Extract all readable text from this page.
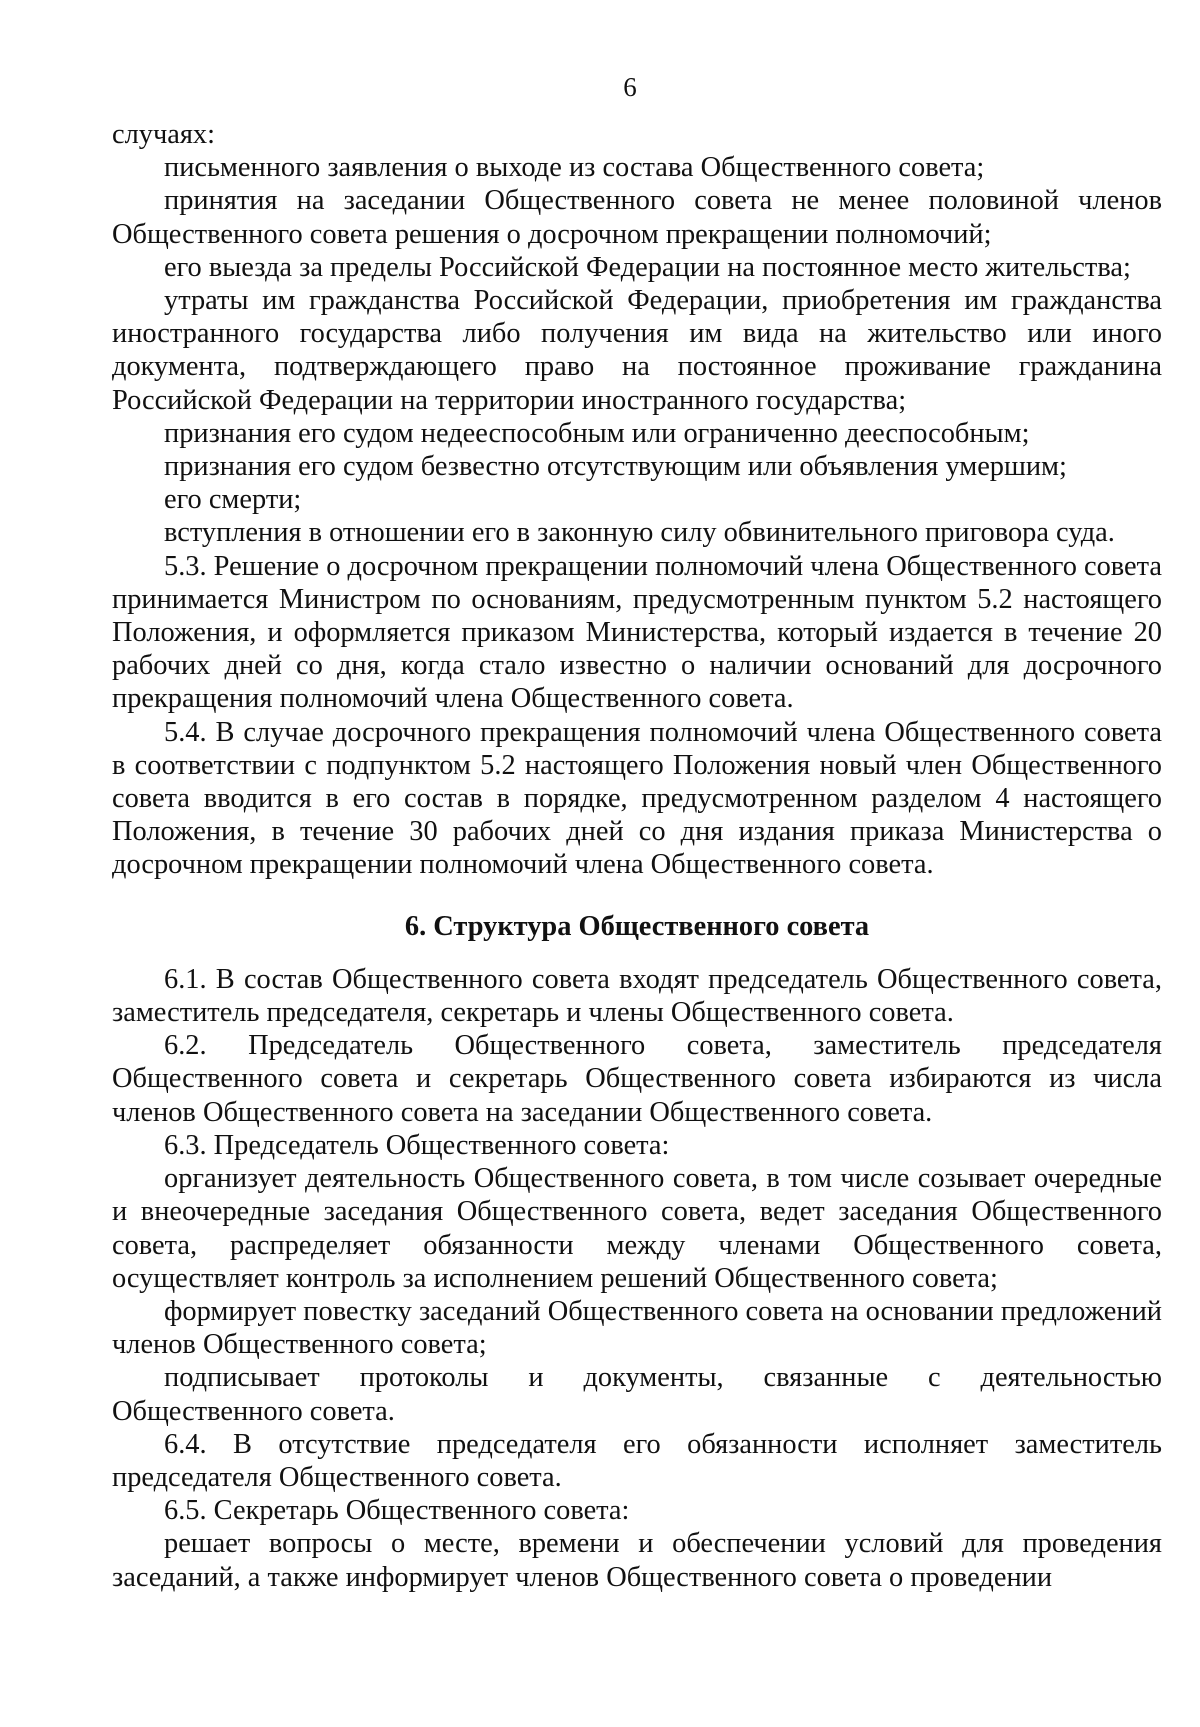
6

случаях:

письменного заявления о выходе из состава Общественного совета;

принятия на заседании Общественного совета не менее половиной членов Общественного совета решения о досрочном прекращении полномочий;

его выезда за пределы Российской Федерации на постоянное место жительства;

утраты им гражданства Российской Федерации, приобретения им гражданства иностранного государства либо получения им вида на жительство или иного документа, подтверждающего право на постоянное проживание гражданина Российской Федерации на территории иностранного государства;

признания его судом недееспособным или ограниченно дееспособным;

признания его судом безвестно отсутствующим или объявления умершим;

его смерти;

вступления в отношении его в законную силу обвинительного приговора суда.

5.3. Решение о досрочном прекращении полномочий члена Общественного совета принимается Министром по основаниям, предусмотренным пунктом 5.2 настоящего Положения, и оформляется приказом Министерства, который издается в течение 20 рабочих дней со дня, когда стало известно о наличии оснований для досрочного прекращения полномочий члена Общественного совета.

5.4. В случае досрочного прекращения полномочий члена Общественного совета в соответствии с подпунктом 5.2 настоящего Положения новый член Общественного совета вводится в его состав в порядке, предусмотренном разделом 4 настоящего Положения, в течение 30 рабочих дней со дня издания приказа Министерства о досрочном прекращении полномочий члена Общественного совета.

6. Структура Общественного совета

6.1. В состав Общественного совета входят председатель Общественного совета, заместитель председателя, секретарь и члены Общественного совета.

6.2. Председатель Общественного совета, заместитель председателя Общественного совета и секретарь Общественного совета избираются из числа членов Общественного совета на заседании Общественного совета.

6.3. Председатель Общественного совета:

организует деятельность Общественного совета, в том числе созывает очередные и внеочередные заседания Общественного совета, ведет заседания Общественного совета, распределяет обязанности между членами Общественного совета, осуществляет контроль за исполнением решений Общественного совета;

формирует повестку заседаний Общественного совета на основании предложений членов Общественного совета;

подписывает протоколы и документы, связанные с деятельностью Общественного совета.

6.4. В отсутствие председателя его обязанности исполняет заместитель председателя Общественного совета.

6.5. Секретарь Общественного совета:

решает вопросы о месте, времени и обеспечении условий для проведения заседаний, а также информирует членов Общественного совета о проведении
